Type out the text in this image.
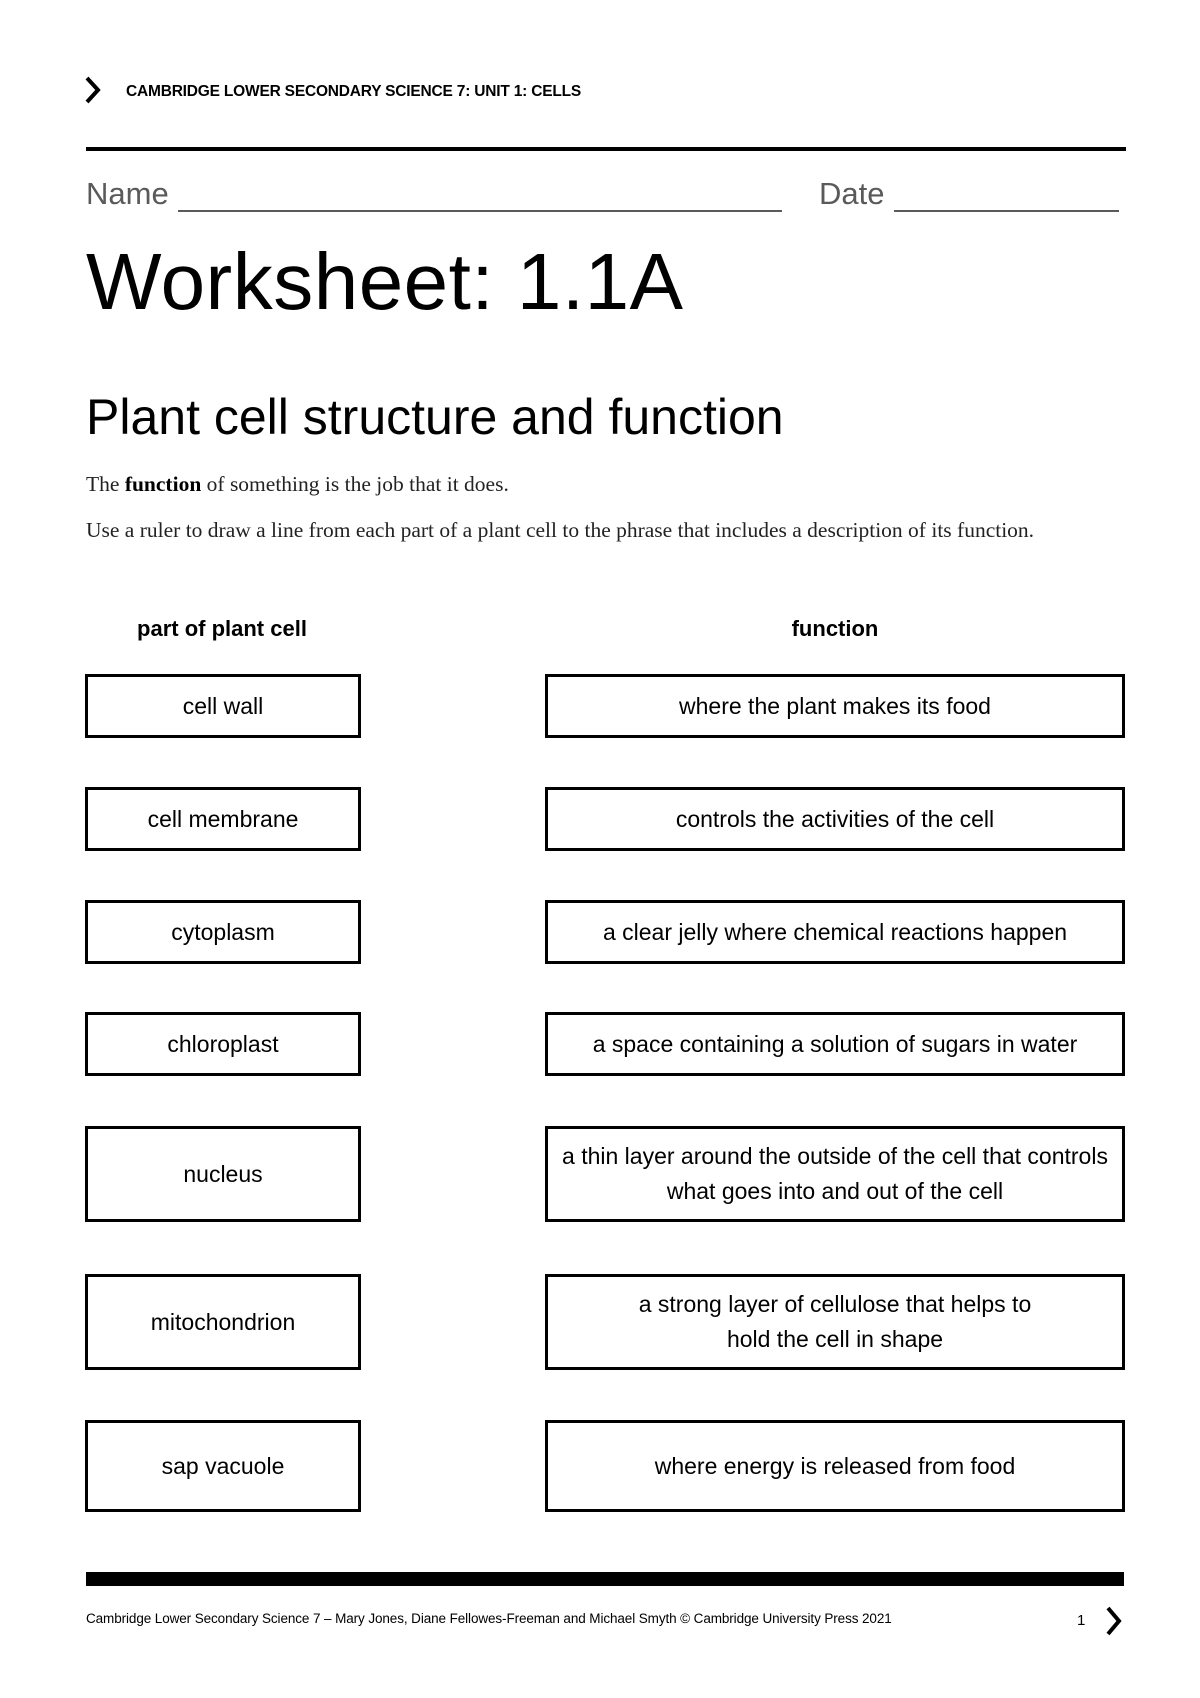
CAMBRIDGE LOWER SECONDARY SCIENCE 7: UNIT 1: CELLS
Name	Date
Worksheet: 1.1A
Plant cell structure and function
The function of something is the job that it does.
Use a ruler to draw a line from each part of a plant cell to the phrase that includes a description of its function.
part of plant cell	function
cell wall
cell membrane
cytoplasm
chloroplast
nucleus
mitochondrion
sap vacuole
where the plant makes its food
controls the activities of the cell
a clear jelly where chemical reactions happen
a space containing a solution of sugars in water
a thin layer around the outside of the cell that controls what goes into and out of the cell
a strong layer of cellulose that helps to hold the cell in shape
where energy is released from food
Cambridge Lower Secondary Science 7 – Mary Jones, Diane Fellowes-Freeman and Michael Smyth © Cambridge University Press 2021	1
